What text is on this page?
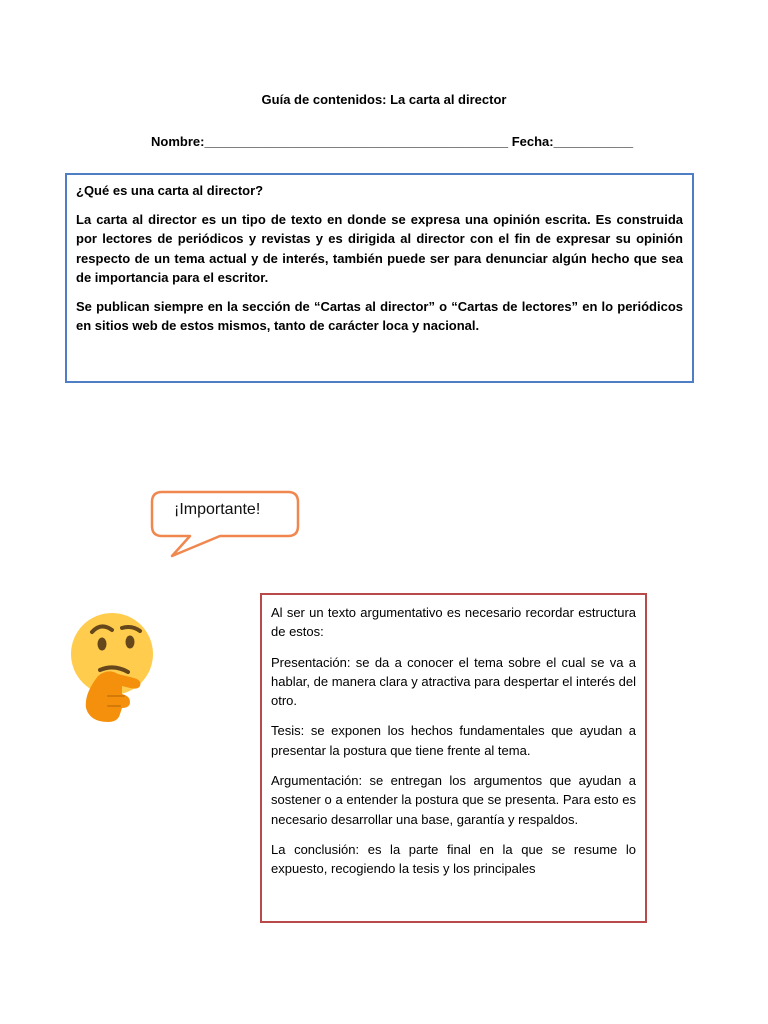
Guía de contenidos: La carta al director
Nombre:__________________________________________ Fecha:___________

¿Qué es una carta al director?

La carta al director es un tipo de texto en donde se expresa una opinión escrita. Es construida por lectores de periódicos y revistas y es dirigida al director con el fin de expresar su opinión respecto de un tema actual y de interés, también puede ser para denunciar algún hecho que sea de importancia para el escritor.

Se publican siempre en la sección de “Cartas al director” o “Cartas de lectores” en lo periódicos en sitios web de estos mismos, tanto de carácter loca y nacional.

¡Importante!

Al ser un texto argumentativo es necesario recordar estructura de estos:

Presentación: se da a conocer el tema sobre el cual se va a hablar, de manera clara y atractiva para despertar el interés del otro.

Tesis: se exponen los hechos fundamentales que ayudan a presentar la postura que tiene frente al tema.

Argumentación: se entregan los argumentos que ayudan a sostener o a entender la postura que se presenta. Para esto es necesario desarrollar una base, garantía y respaldos.

La conclusión: es la parte final en la que se resume lo expuesto, recogiendo la tesis y los principales
